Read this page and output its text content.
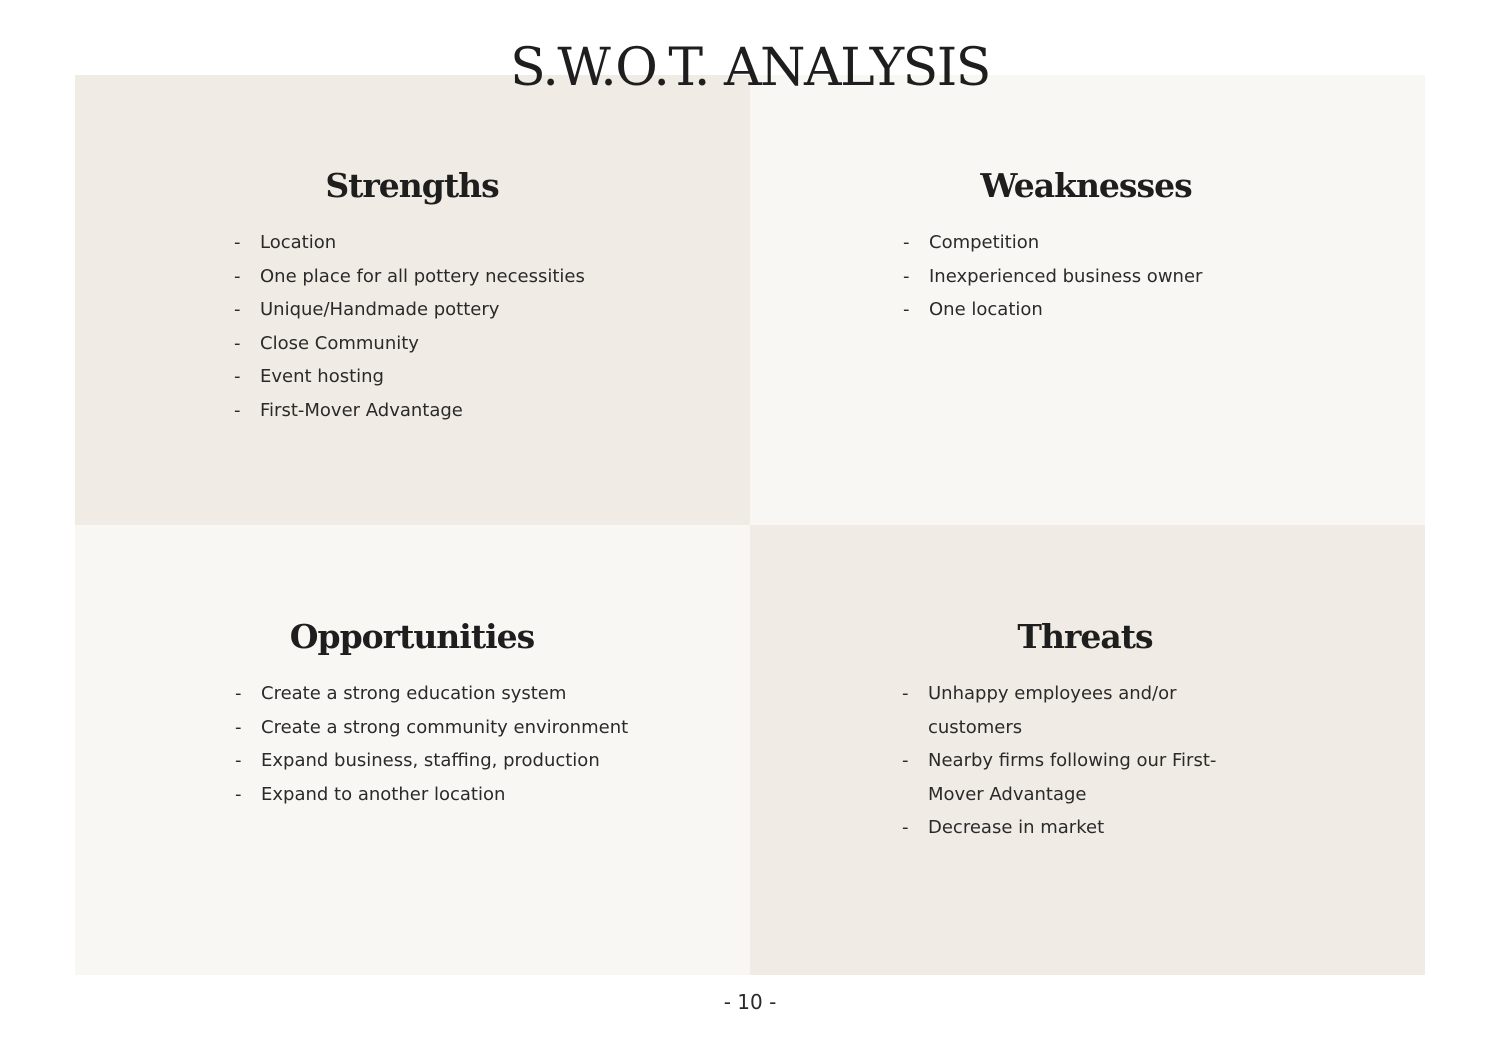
S.W.O.T. ANALYSIS
Strengths
- Location
- One place for all pottery necessities
- Unique/Handmade pottery
- Close Community
- Event hosting
- First-Mover Advantage
Weaknesses
- Competition
- Inexperienced business owner
- One location
Opportunities
- Create a strong education system
- Create a strong community environment
- Expand business, staffing, production
- Expand to another location
Threats
- Unhappy employees and/or customers
- Nearby firms following our First-Mover Advantage
- Decrease in market
- 10 -
